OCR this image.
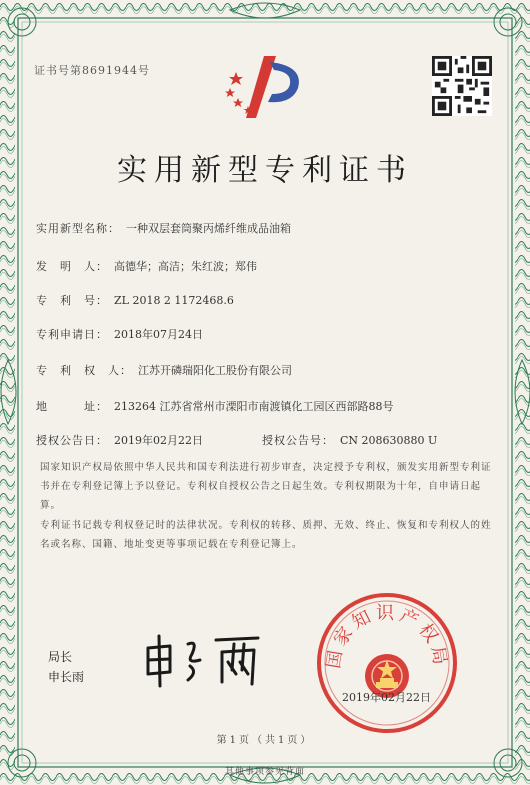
证书号第8691944号
实用新型专利证书
实用新型名称： 一种双层套筒聚丙烯纤维成品油箱
发　明　人： 高德华；高洁；朱红波；郑伟
专　利　号： ZL 2018 2 1172468.6
专利申请日： 2018年07月24日
专　利　权　人： 江苏开磷瑞阳化工股份有限公司
地　　　址： 213264 江苏省常州市溧阳市南渡镇化工园区西部路88号
授权公告日： 2019年02月22日	授权公告号： CN 208630880 U
国家知识产权局依照中华人民共和国专利法进行初步审查，决定授予专利权，颁发实用新型专利证书并在专利登记簿上予以登记。专利权自授权公告之日起生效。专利权期限为十年，自申请日起算。
专利证书记载专利权登记时的法律状况。专利权的转移、质押、无效、终止、恢复和专利权人的姓名或名称、国籍、地址变更等事项记载在专利登记簿上。
局长
申长雨
国家知识产权局
2019年02月22日
第1页（共1页）
其他事项参见背面
